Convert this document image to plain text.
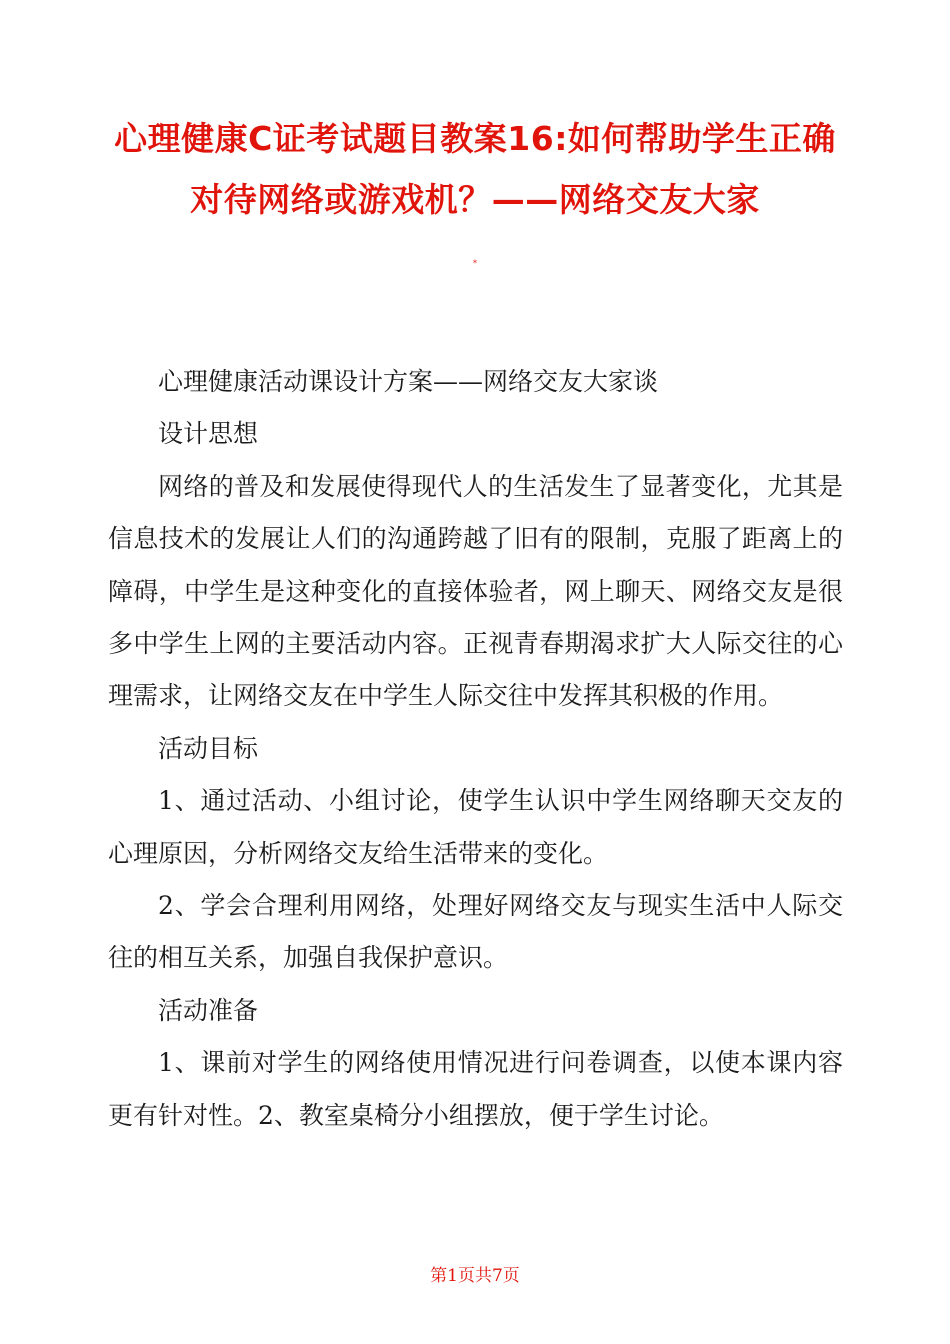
心理健康C证考试题目教案16:如何帮助学生正确对待网络或游戏机？——网络交友大家
*

心理健康活动课设计方案——网络交友大家谈

设计思想

网络的普及和发展使得现代人的生活发生了显著变化，尤其是信息技术的发展让人们的沟通跨越了旧有的限制，克服了距离上的障碍，中学生是这种变化的直接体验者，网上聊天、网络交友是很多中学生上网的主要活动内容。正视青春期渴求扩大人际交往的心理需求，让网络交友在中学生人际交往中发挥其积极的作用。

活动目标

1、通过活动、小组讨论，使学生认识中学生网络聊天交友的心理原因，分析网络交友给生活带来的变化。

2、学会合理利用网络，处理好网络交友与现实生活中人际交往的相互关系，加强自我保护意识。

活动准备

1、课前对学生的网络使用情况进行问卷调查，以使本课内容更有针对性。2、教室桌椅分小组摆放，便于学生讨论。

第1页共7页
